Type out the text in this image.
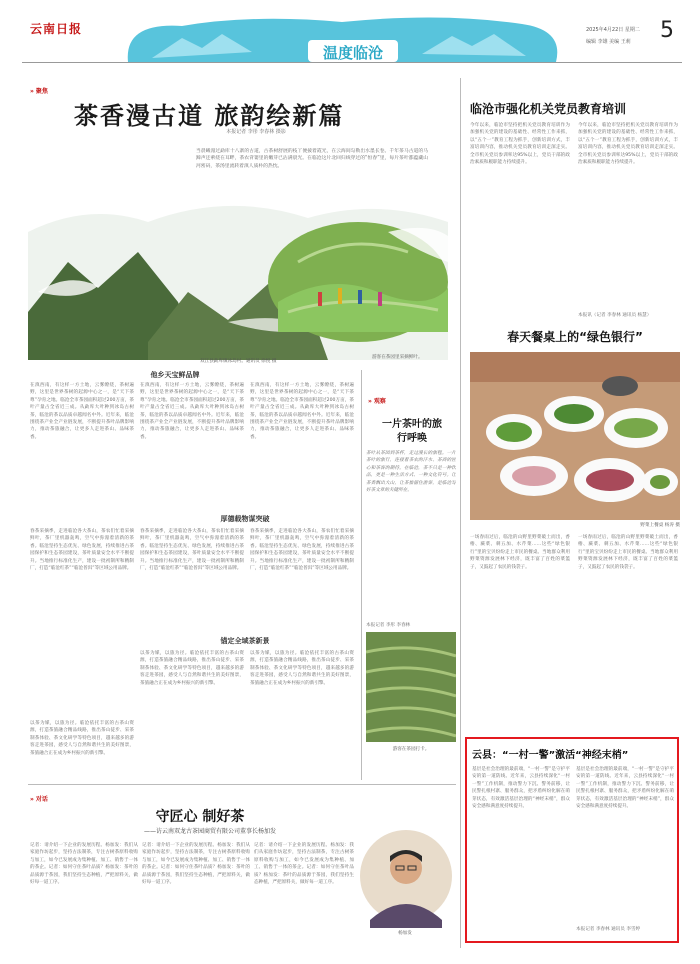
云南日报
温度临沧
2025年4月22日 星期二
编辑 李雄 美编 王莉	5
» 聚焦
茶香漫古道 旅韵绘新篇
本报记者 李彤 李春林 摄影
当晨曦漫过勐库十八寨的古道，古茶树舒展的枝丫便披着霞光，在云海间勾勒出水墨长卷。千年茶马古道的马蹄声还萦绕在耳畔，茶农背篓里的嫩芽已沾满晨光。在临沧这片北回归线穿过的“恒春”里，每片茶叶都蕴藏山河密码，茶汤里流转着滇人质朴的热忱。
双江县勐库镇冰岛村。通讯员 徐悦 摄
游客在茶园里采摘鲜叶。
他乡天宝鲜品牌
在滇西南，有这样一方土地，云雾缭绕，茶树遍野，这里是世界茶树的起源中心之一，是“天下茶尊”孕育之地。临沧全市茶园面积超过200万亩，茶叶产量占全省近三成。从勐库大叶种到冰岛古树茶，临沧的茶以品质卓越闻名中外。近年来，临沧围绕茶产业全产业链发展，不断提升茶叶品牌影响力，推动茶旅融合，让更多人走进茶山、品味茶香。
在滇西南，有这样一方土地，云雾缭绕，茶树遍野，这里是世界茶树的起源中心之一，是“天下茶尊”孕育之地。临沧全市茶园面积超过200万亩，茶叶产量占全省近三成。从勐库大叶种到冰岛古树茶，临沧的茶以品质卓越闻名中外。近年来，临沧围绕茶产业全产业链发展，不断提升茶叶品牌影响力，推动茶旅融合，让更多人走进茶山、品味茶香。
在滇西南，有这样一方土地，云雾缭绕，茶树遍野，这里是世界茶树的起源中心之一，是“天下茶尊”孕育之地。临沧全市茶园面积超过200万亩，茶叶产量占全省近三成。从勐库大叶种到冰岛古树茶，临沧的茶以品质卓越闻名中外。近年来，临沧围绕茶产业全产业链发展，不断提升茶叶品牌影响力，推动茶旅融合，让更多人走进茶山、品味茶香。
厚德载物谋突破
春茶采摘季，走进临沧各大茶山，茶农们忙着采摘鲜叶，茶厂里机器轰鸣，空气中弥漫着清新的茶香。临沧坚持生态优先、绿色发展，持续推进古茶园保护和生态茶园建设，茶叶质量安全水平不断提升。当地推行标准化生产，建设一批初制所和精制厂，打造“临沧红茶”“临沧普洱”等区域公用品牌。
春茶采摘季，走进临沧各大茶山，茶农们忙着采摘鲜叶，茶厂里机器轰鸣，空气中弥漫着清新的茶香。临沧坚持生态优先、绿色发展，持续推进古茶园保护和生态茶园建设，茶叶质量安全水平不断提升。当地推行标准化生产，建设一批初制所和精制厂，打造“临沧红茶”“临沧普洱”等区域公用品牌。
春茶采摘季，走进临沧各大茶山，茶农们忙着采摘鲜叶，茶厂里机器轰鸣，空气中弥漫着清新的茶香。临沧坚持生态优先、绿色发展，持续推进古茶园保护和生态茶园建设，茶叶质量安全水平不断提升。当地推行标准化生产，建设一批初制所和精制厂，打造“临沧红茶”“临沧普洱”等区域公用品牌。
锚定全域茶新景
以茶为媒，以旅为径。临沧依托丰富的古茶山资源，打造茶旅融合精品线路，推出茶山徒步、采茶制茶体验、茶文化研学等特色项目，越来越多的游客走进茶园，感受人与自然和谐共生的美好图景，茶旅融合正在成为乡村振兴的新引擎。
以茶为媒，以旅为径。临沧依托丰富的古茶山资源，打造茶旅融合精品线路，推出茶山徒步、采茶制茶体验、茶文化研学等特色项目，越来越多的游客走进茶园，感受人与自然和谐共生的美好图景，茶旅融合正在成为乡村振兴的新引擎。
以茶为媒，以旅为径。临沧依托丰富的古茶山资源，打造茶旅融合精品线路，推出茶山徒步、采茶制茶体验、茶文化研学等特色项目，越来越多的游客走进茶园，感受人与自然和谐共生的美好图景，茶旅融合正在成为乡村振兴的新引擎。
» 观察
一片茶叶的旅行呼唤
本报记者 李彤 李春林
茶叶从茶园到茶杯，走过漫长的旅程。一片茶叶的旅行，连接着茶农的汗水、茶商的匠心和茶客的期待。在临沧，茶不只是一种饮品，更是一种生活方式、一种文化符号。让茶香飘出大山，让茶旅留住游客，是临沧写好茶文章的关键所在。
游客在茶园打卡。
临沧市强化机关党员教育培训
今年以来，临沧市坚持把机关党员教育培训作为加强机关党的建设的基础性、经常性工作来抓，以“五个一”教育工程为抓手，创新培训方式，丰富培训内容，推动机关党员教育培训走深走实。全市机关党员参训率达95%以上，党员干部的政治素质和履职能力持续提升。
今年以来，临沧市坚持把机关党员教育培训作为加强机关党的建设的基础性、经常性工作来抓，以“五个一”教育工程为抓手，创新培训方式，丰富培训内容，推动机关党员教育培训走深走实。全市机关党员参训率达95%以上，党员干部的政治素质和履职能力持续提升。
本报讯（记者 李春林 通讯员 杨慧）
春天餐桌上的“绿色银行”
野菜上餐桌 杨涛 摄
一场春雨过后，临沧的山野里野菜破土而出，香椿、蕨菜、刺五加、水芹菜……这些“绿色银行”里的宝贝纷纷走上市民的餐桌。当地群众利用野菜资源发展林下经济，既丰富了百姓的菜篮子，又鼓起了农民的钱袋子。
一场春雨过后，临沧的山野里野菜破土而出，香椿、蕨菜、刺五加、水芹菜……这些“绿色银行”里的宝贝纷纷走上市民的餐桌。当地群众利用野菜资源发展林下经济，既丰富了百姓的菜篮子，又鼓起了农民的钱袋子。
云县：“一村一警”激活“神经末梢”
基层是社会治理的最前端，“一村一警”是守护平安的第一道防线。近年来，云县持续深化“一村一警”工作机制，推动警力下沉、警务前移，让民警扎根村寨、服务群众，把矛盾纠纷化解在萌芽状态，有效激活基层治理的“神经末梢”，群众安全感和满意度持续提升。
基层是社会治理的最前端，“一村一警”是守护平安的第一道防线。近年来，云县持续深化“一村一警”工作机制，推动警力下沉、警务前移，让民警扎根村寨、服务群众，把矛盾纠纷化解在萌芽状态，有效激活基层治理的“神经末梢”，群众安全感和满意度持续提升。
本报记者 李春林 通讯员 李雪婷
» 对话
守匠心 制好茶
——访云南双龙古茶园商贸有限公司董事长杨加发
记者：请介绍一下企业的发展历程。杨加发：我们从家庭作坊起步，坚持古法制茶，专注古树茶原料收购与加工，如今已发展成为集种植、加工、销售于一体的茶企。记者：如何守住茶叶品质？杨加发：茶叶的品质源于茶园，我们坚持生态种植，严把原料关，做好每一道工序。
记者：请介绍一下企业的发展历程。杨加发：我们从家庭作坊起步，坚持古法制茶，专注古树茶原料收购与加工，如今已发展成为集种植、加工、销售于一体的茶企。记者：如何守住茶叶品质？杨加发：茶叶的品质源于茶园，我们坚持生态种植，严把原料关，做好每一道工序。
记者：请介绍一下企业的发展历程。杨加发：我们从家庭作坊起步，坚持古法制茶，专注古树茶原料收购与加工，如今已发展成为集种植、加工、销售于一体的茶企。记者：如何守住茶叶品质？杨加发：茶叶的品质源于茶园，我们坚持生态种植，严把原料关，做好每一道工序。
杨加发
